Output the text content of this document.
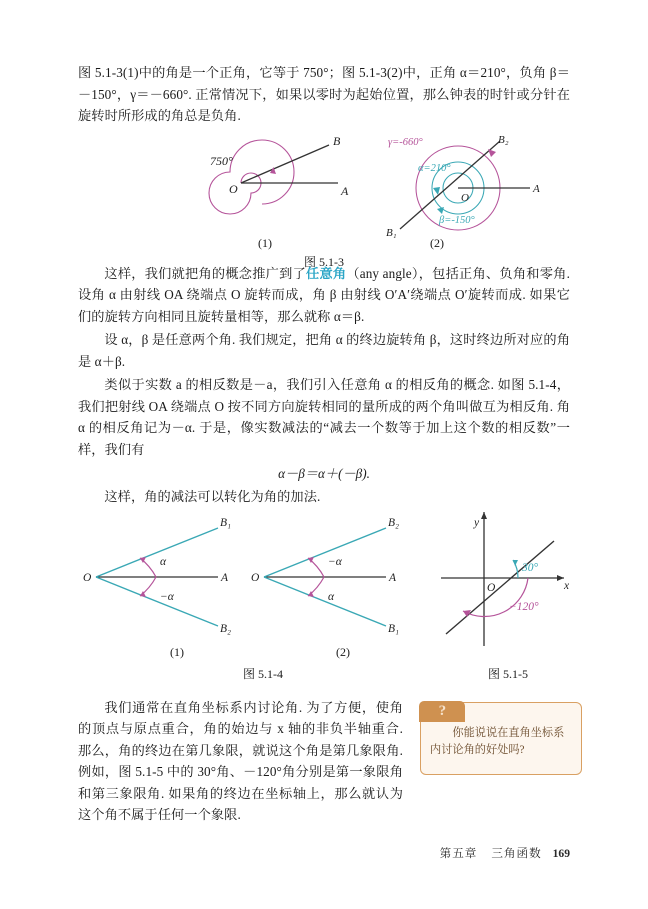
图 5.1-3(1)中的角是一个正角，它等于 750°；图 5.1-3(2)中，正角 α＝210°，负角 β＝－150°，γ＝－660°. 正常情况下，如果以零时为起始位置，那么钟表的时针或分针在旋转时所形成的角总是负角.

750°
O	A
B	γ=-660°
α=210°
β=-150°
O
A
B₁
B₂
(1)	(2)
图 5.1-3

这样，我们就把角的概念推广到了任意角（any angle），包括正角、负角和零角. 设角 α 由射线 OA 绕端点 O 旋转而成，角 β 由射线 O′A′绕端点 O′旋转而成. 如果它们的旋转方向相同且旋转量相等，那么就称 α＝β.

设 α，β 是任意两个角. 我们规定，把角 α 的终边旋转角 β，这时终边所对应的角是 α＋β.

类似于实数 a 的相反数是－a，我们引入任意角 α 的相反角的概念. 如图 5.1-4，我们把射线 OA 绕端点 O 按不同方向旋转相同的量所成的两个角叫做互为相反角. 角 α 的相反角记为－α. 于是，像实数减法的“减去一个数等于加上这个数的相反数”一样，我们有

α－β＝α＋(－β).

这样，角的减法可以转化为角的加法.

O	A
B₁
B₂
α
−α
O	A
B₂
B₁
−α
α
y
x
O
30°
−120°
(1)	(2)
图 5.1-4	图 5.1-5

我们通常在直角坐标系内讨论角. 为了方便，使角的顶点与原点重合，角的始边与 x 轴的非负半轴重合. 那么，角的终边在第几象限，就说这个角是第几象限角. 例如，图 5.1-5 中的 30°角、－120°角分别是第一象限角和第三象限角. 如果角的终边在坐标轴上，那么就认为这个角不属于任何一个象限.

?
你能说说在直角坐标系内讨论角的好处吗?
第五章 三角函数 169
